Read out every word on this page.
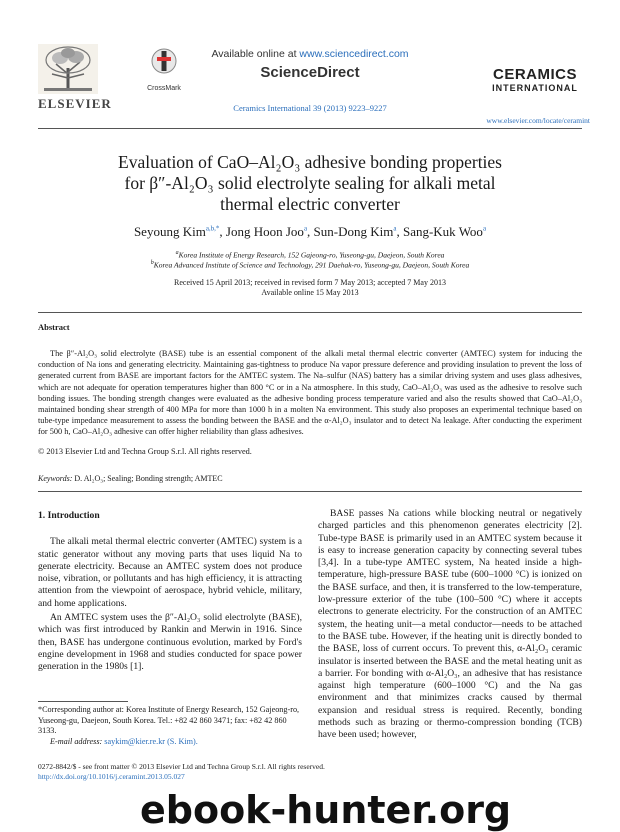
ELSEVIER
CrossMark
Available online at www.sciencedirect.com
ScienceDirect
Ceramics International 39 (2013) 9223–9227
CERAMICS
INTERNATIONAL
www.elsevier.com/locate/ceramint
Evaluation of CaO–Al₂O₃ adhesive bonding properties
for β″-Al₂O₃ solid electrolyte sealing for alkali metal
thermal electric converter
Seyoung Kim$^{a,b,*}$, Jong Hoon Joo$^a$, Sun-Dong Kim$^a$, Sang-Kuk Woo$^a$
$^a$Korea Institute of Energy Research, 152 Gajeong-ro, Yuseong-gu, Daejeon, South Korea
$^b$Korea Advanced Institute of Science and Technology, 291 Daehak-ro, Yuseong-gu, Daejeon, South Korea
Received 15 April 2013; received in revised form 7 May 2013; accepted 7 May 2013
Available online 15 May 2013
Abstract
The β″-Al₂O₃ solid electrolyte (BASE) tube is an essential component of the alkali metal thermal electric converter (AMTEC) system for inducing the conduction of Na ions and generating electricity. Maintaining gas-tightness to produce Na vapor pressure deference and providing insulation to prevent the loss of generated current from BASE are important factors for the AMTEC system. The Na–sulfur (NAS) battery has a similar driving system and uses glass adhesives, which are not adequate for operation temperatures higher than 800 °C or in a Na atmosphere. In this study, CaO–Al₂O₃ was used as the adhesive to resolve such bonding issues. The bonding strength changes were evaluated as the adhesive bonding process temperature varied and also the results showed that CaO–Al₂O₃ maintained bonding shear strength of 400 MPa for more than 1000 h in a molten Na environment. This study also proposes an experimental technique based on tube-type impedance measurement to assess the bonding between the BASE and the α-Al₂O₃ insulator and to detect Na leakage. After conducting the experiment for 500 h, CaO–Al₂O₃ adhesive can offer higher reliability than glass adhesives.
© 2013 Elsevier Ltd and Techna Group S.r.l. All rights reserved.
Keywords: D. Al₂O₃; Sealing; Bonding strength; AMTEC
1. Introduction

The alkali metal thermal electric converter (AMTEC) system is a static generator without any moving parts that uses liquid Na to generate electricity. Because an AMTEC system does not produce noise, vibration, or pollutants and has high efficiency, it is attracting attention from the viewpoint of aerospace, hybrid vehicle, military, and home applications.

An AMTEC system uses the β″-Al₂O₃ solid electrolyte (BASE), which was first introduced by Rankin and Merwin in 1916. Since then, BASE has undergone continuous evolution, marked by Ford's engine development in 1968 and studies conducted for space power generation in the 1980s [1].

BASE passes Na cations while blocking neutral or negatively charged particles and this phenomenon generates electricity [2]. Tube-type BASE is primarily used in an AMTEC system because it is easy to increase generation capacity by connecting several tubes [3,4]. In a tube-type AMTEC system, Na heated inside a high-temperature, high-pressure BASE tube (600–1000 °C) is ionized on the BASE surface, and then, it is transferred to the low-temperature, low-pressure exterior of the tube (100–500 °C) where it accepts electrons to generate electricity. For the construction of an AMTEC system, the heating unit—a metal conductor—needs to be attached to the BASE tube. However, if the heating unit is directly bonded to the BASE, loss of current occurs. To prevent this, α-Al₂O₃ ceramic insulator is inserted between the BASE and the metal heating unit as a barrier. For bonding with α-Al₂O₃, an adhesive that has resistance against high temperature (600–1000 °C) and the Na gas environment and that minimizes cracks caused by thermal expansion and residual stress is required. Recently, bonding methods such as brazing or thermo-compression bonding (TCB) have been used; however,

*Corresponding author at: Korea Institute of Energy Research, 152 Gajeong-ro, Yuseong-gu, Daejeon, South Korea. Tel.: +82 42 860 3471; fax: +82 42 860 3133.
E-mail address: saykim@kier.re.kr (S. Kim).
0272-8842/$ - see front matter © 2013 Elsevier Ltd and Techna Group S.r.l. All rights reserved.
http://dx.doi.org/10.1016/j.ceramint.2013.05.027
ebook-hunter.org
